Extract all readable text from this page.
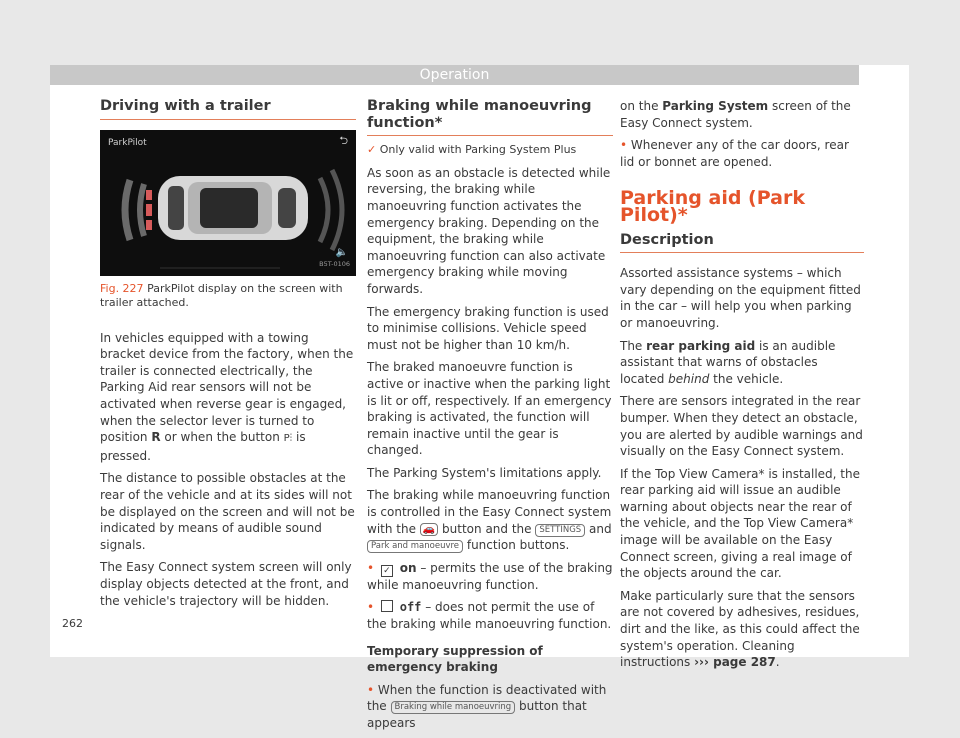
Operation
Driving with a trailer
ParkPilot	⮌
🔈
B5T-0106
Fig. 227 ParkPilot display on the screen with trailer attached.

In vehicles equipped with a towing bracket device from the factory, when the trailer is connected electrically, the Parking Aid rear sensors will not be activated when reverse gear is engaged, when the selector lever is turned to position R or when the button P⫶ is pressed.

The distance to possible obstacles at the rear of the vehicle and at its sides will not be displayed on the screen and will not be indicated by means of audible sound signals.

The Easy Connect system screen will only display objects detected at the front, and the vehicle's trajectory will be hidden.

Braking while manoeuvring function*

✓ Only valid with Parking System Plus

As soon as an obstacle is detected while reversing, the braking while manoeuvring function activates the emergency braking. Depending on the equipment, the braking while manoeuvring function can also activate emergency braking while moving forwards.

The emergency braking function is used to minimise collisions. Vehicle speed must not be higher than 10 km/h.

The braked manoeuvre function is active or inactive when the parking light is lit or off, respectively. If an emergency braking is activated, the function will remain inactive until the gear is changed.

The Parking System's limitations apply.

The braking while manoeuvring function is controlled in the Easy Connect system with the 🚗 button and the SETTINGS and Park and manoeuvre function buttons.

• ✓ on – permits the use of the braking while manoeuvring function.

• off – does not permit the use of the braking while manoeuvring function.

Temporary suppression of emergency braking

• When the function is deactivated with the Braking while manoeuvring button that appears

on the Parking System screen of the Easy Connect system.

• Whenever any of the car doors, rear lid or bonnet are opened.

Parking aid (Park Pilot)*
Description

Assorted assistance systems – which vary depending on the equipment fitted in the car – will help you when parking or manoeuvring.

The rear parking aid is an audible assistant that warns of obstacles located behind the vehicle.

There are sensors integrated in the rear bumper. When they detect an obstacle, you are alerted by audible warnings and visually on the Easy Connect system.

If the Top View Camera* is installed, the rear parking aid will issue an audible warning about objects near the rear of the vehicle, and the Top View Camera* image will be available on the Easy Connect screen, giving a real image of the objects around the car.

Make particularly sure that the sensors are not covered by adhesives, residues, dirt and the like, as this could affect the system's operation. Cleaning instructions ››› page 287.

262
